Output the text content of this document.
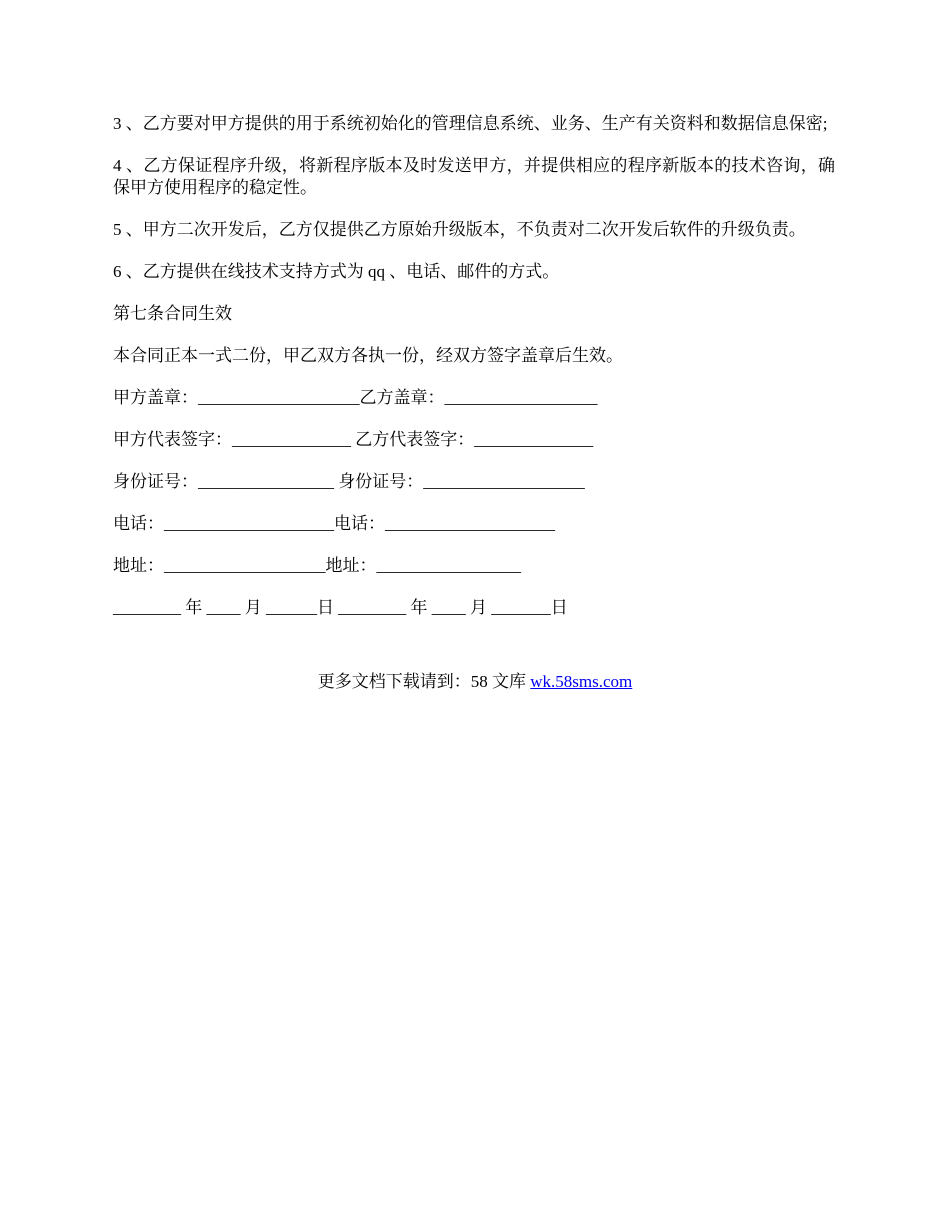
3 、乙方要对甲方提供的用于系统初始化的管理信息系统、业务、生产有关资料和数据信息保密;

4 、乙方保证程序升级，将新程序版本及时发送甲方，并提供相应的程序新版本的技术咨询，确保甲方使用程序的稳定性。

5 、甲方二次开发后，乙方仅提供乙方原始升级版本，不负责对二次开发后软件的升级负责。

6 、乙方提供在线技术支持方式为 qq 、电话、邮件的方式。

第七条合同生效

本合同正本一式二份，甲乙双方各执一份，经双方签字盖章后生效。

甲方盖章：___________________乙方盖章：__________________
甲方代表签字：______________ 乙方代表签字：______________
身份证号：________________ 身份证号：___________________
电话：____________________电话：____________________
地址：___________________地址：_________________
________ 年 ____ 月 ______日 ________ 年 ____ 月 _______日
更多文档下载请到：58 文库 wk.58sms.com
